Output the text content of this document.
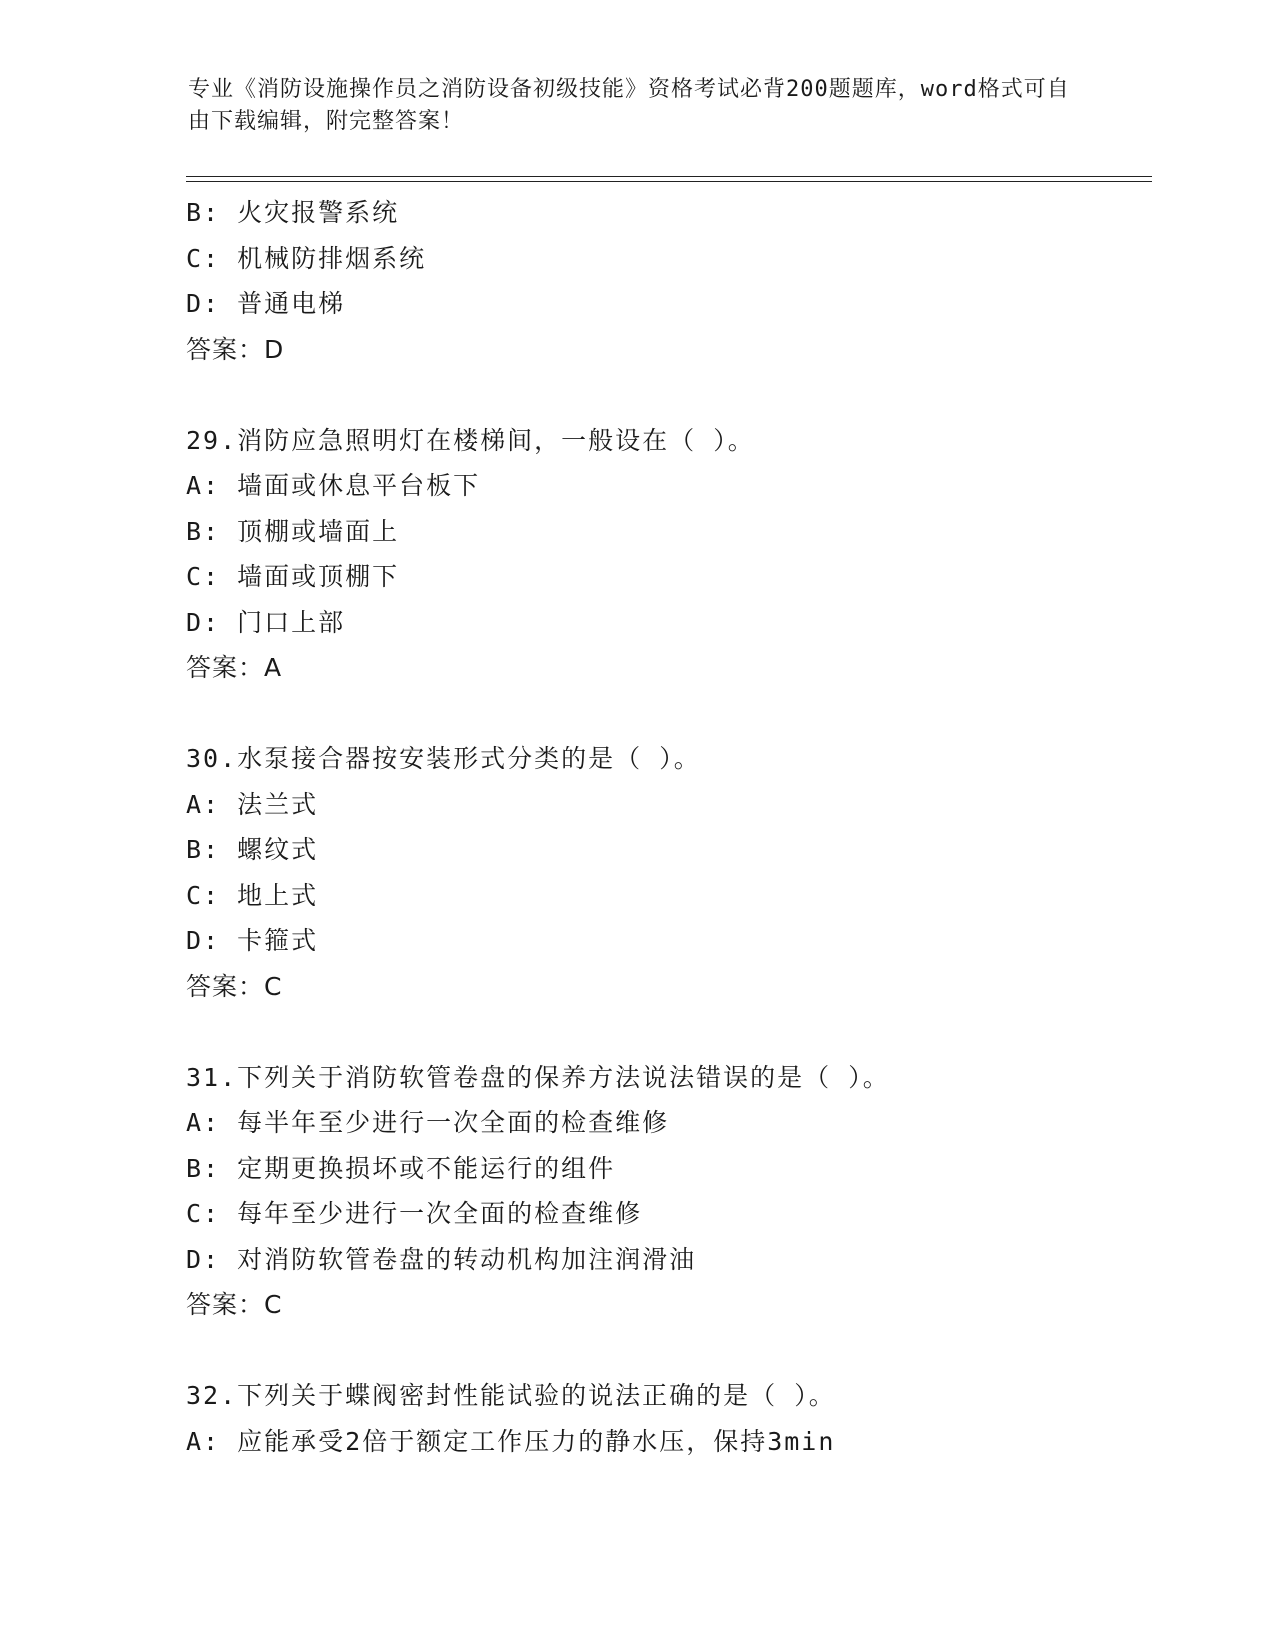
专业《消防设施操作员之消防设备初级技能》资格考试必背200题题库，word格式可自由下载编辑，附完整答案！
B: 火灾报警系统
C: 机械防排烟系统
D: 普通电梯
答案：D
29.消防应急照明灯在楼梯间，一般设在（ ）。
A: 墙面或休息平台板下
B: 顶棚或墙面上
C: 墙面或顶棚下
D: 门口上部
答案：A
30.水泵接合器按安装形式分类的是（ ）。
A: 法兰式
B: 螺纹式
C: 地上式
D: 卡箍式
答案：C
31.下列关于消防软管卷盘的保养方法说法错误的是（ ）。
A: 每半年至少进行一次全面的检查维修
B: 定期更换损坏或不能运行的组件
C: 每年至少进行一次全面的检查维修
D: 对消防软管卷盘的转动机构加注润滑油
答案：C
32.下列关于蝶阀密封性能试验的说法正确的是（ ）。
A: 应能承受2倍于额定工作压力的静水压，保持3min
